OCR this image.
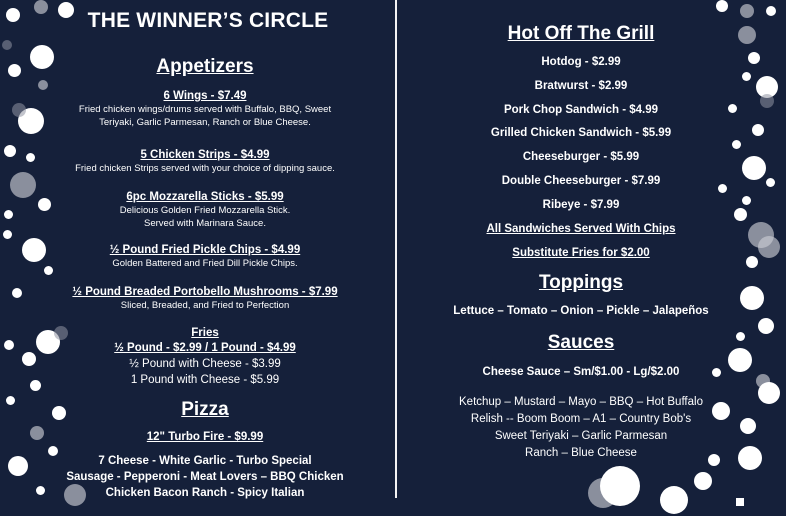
THE WINNER’S CIRCLE
Appetizers
6 Wings - $7.49
Fried chicken wings/drums served with Buffalo, BBQ, Sweet
Teriyaki, Garlic Parmesan, Ranch or Blue Cheese.
5 Chicken Strips - $4.99
Fried chicken Strips served with your choice of dipping sauce.
6pc Mozzarella Sticks - $5.99
Delicious Golden Fried Mozzarella Stick.
Served with Marinara Sauce.
½ Pound Fried Pickle Chips - $4.99
Golden Battered and Fried Dill Pickle Chips.
½ Pound Breaded Portobello Mushrooms - $7.99
Sliced, Breaded, and Fried to Perfection
Fries
½ Pound - $2.99 / 1 Pound - $4.99
½ Pound with Cheese - $3.99
1 Pound with Cheese - $5.99
Pizza
12" Turbo Fire - $9.99
7 Cheese - White Garlic - Turbo Special
Sausage - Pepperoni - Meat Lovers – BBQ Chicken
Chicken Bacon Ranch - Spicy Italian
Hot Off The Grill
Hotdog - $2.99
Bratwurst - $2.99
Pork Chop Sandwich - $4.99
Grilled Chicken Sandwich - $5.99
Cheeseburger - $5.99
Double Cheeseburger - $7.99
Ribeye - $7.99
All Sandwiches Served With Chips
Substitute Fries for $2.00
Toppings
Lettuce – Tomato – Onion – Pickle – Jalapeños
Sauces
Cheese Sauce – Sm/$1.00 - Lg/$2.00
Ketchup – Mustard – Mayo – BBQ – Hot Buffalo
Relish -- Boom Boom – A1 – Country Bob's
Sweet Teriyaki – Garlic Parmesan
Ranch – Blue Cheese
